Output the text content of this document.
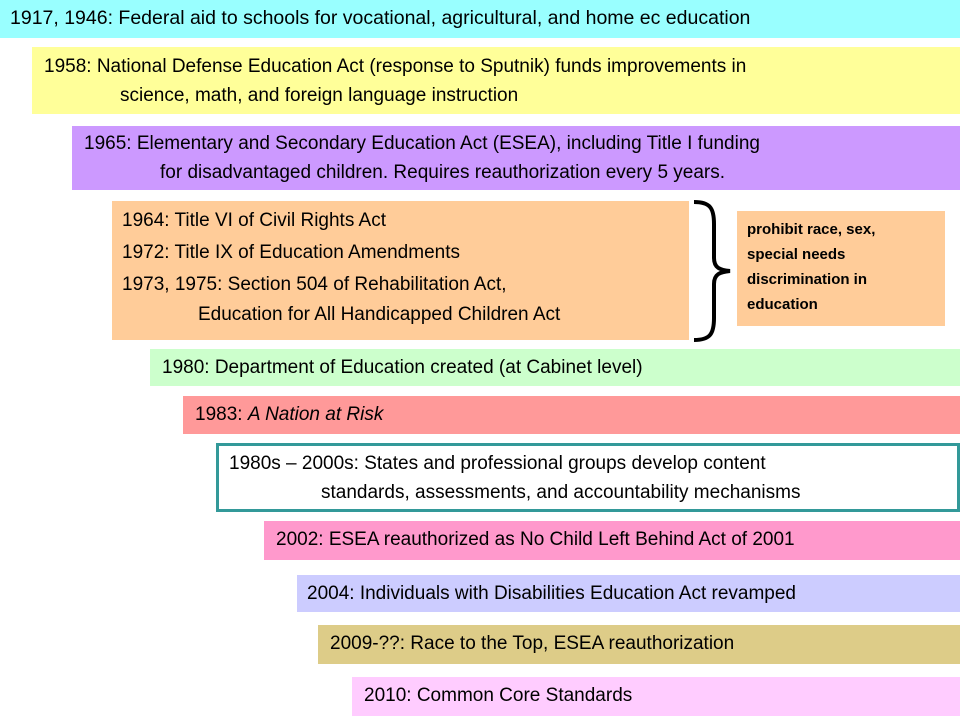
1917, 1946: Federal aid to schools for vocational, agricultural, and home ec education
1958: National Defense Education Act (response to Sputnik) funds improvements in
science, math, and foreign language instruction
1965: Elementary and Secondary Education Act (ESEA), including Title I funding
for disadvantaged children. Requires reauthorization every 5 years.
1964: Title VI of Civil Rights Act
1972: Title IX of Education Amendments
1973, 1975: Section 504 of Rehabilitation Act,
Education for All Handicapped Children Act
prohibit race, sex,
special needs
discrimination in
education
1980: Department of Education created (at Cabinet level)
1983: A Nation at Risk
1980s – 2000s: States and professional groups develop content
standards, assessments, and accountability mechanisms
2002: ESEA reauthorized as No Child Left Behind Act of 2001
2004: Individuals with Disabilities Education Act revamped
2009-??: Race to the Top, ESEA reauthorization
2010: Common Core Standards
